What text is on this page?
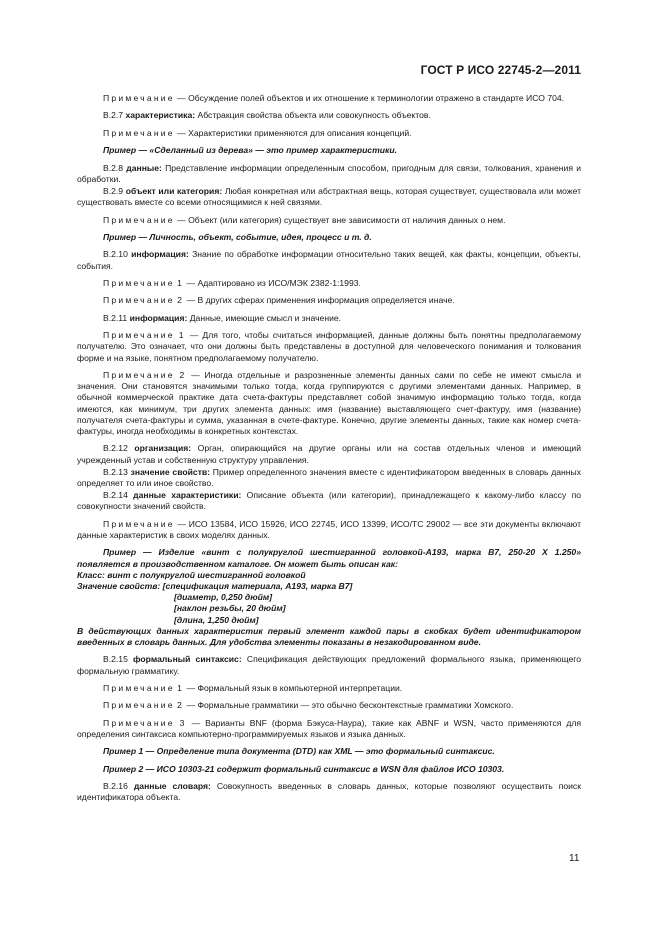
ГОСТ Р ИСО 22745-2—2011

Примечание — Обсуждение полей объектов и их отношение к терминологии отражено в стандарте ИСО 704.

В.2.7 характеристика: Абстракция свойства объекта или совокупность объектов.

Примечание — Характеристики применяются для описания концепций.

Пример — «Сделанный из дерева» — это пример характеристики.

В.2.8 данные: Представление информации определенным способом, пригодным для связи, толкования, хранения и обработки.

В.2.9 объект или категория: Любая конкретная или абстрактная вещь, которая существует, существовала или может существовать вместе со всеми относящимися к ней связями.

Примечание — Объект (или категория) существует вне зависимости от наличия данных о нем.

Пример — Личность, объект, событие, идея, процесс и т. д.

В.2.10 информация: Знание по обработке информации относительно таких вещей, как факты, концепции, объекты, события.

Примечание 1 — Адаптировано из ИСО/МЭК 2382-1:1993.

Примечание 2 — В других сферах применения информация определяется иначе.

В.2.11 информация: Данные, имеющие смысл и значение.

Примечание 1 — Для того, чтобы считаться информацией, данные должны быть понятны предполагаемому получателю. Это означает, что они должны быть представлены в доступной для человеческого понимания и толкования форме и на языке, понятном предполагаемому получателю.

Примечание 2 — Иногда отдельные и разрозненные элементы данных сами по себе не имеют смысла и значения. Они становятся значимыми только тогда, когда группируются с другими элементами данных. Например, в обычной коммерческой практике дата счета-фактуры представляет собой значимую информацию только тогда, когда имеются, как минимум, три других элемента данных: имя (название) выставляющего счет-фактуру, имя (название) получателя счета-фактуры и сумма, указанная в счете-фактуре. Конечно, другие элементы данных, такие как номер счета-фактуры, иногда необходимы в конкретных контекстах.

В.2.12 организация: Орган, опирающийся на другие органы или на состав отдельных членов и имеющий учрежденный устав и собственную структуру управления.

В.2.13 значение свойств: Пример определенного значения вместе с идентификатором введенных в словарь данных определяет то или иное свойство.

В.2.14 данные характеристики: Описание объекта (или категории), принадлежащего к какому-либо классу по совокупности значений свойств.

Примечание — ИСО 13584, ИСО 15926, ИСО 22745, ИСО 13399, ИСО/ТС 29002 — все эти документы включают данные характеристик в своих моделях данных.

Пример — Изделие «винт с полукруглой шестигранной головкой-А193, марка В7, 250-20 Х 1.250» появляется в производственном каталоге. Он может быть описан как:

Класс: винт с полукруглой шестигранной головкой

Значение свойств: [спецификация материала, А193, марка В7]

[диаметр, 0,250 дюйм]

[наклон резьбы, 20 дюйм]

[длина, 1,250 дюйм]

В действующих данных характеристик первый элемент каждой пары в скобках будет идентификатором введенных в словарь данных. Для удобства элементы показаны в незакодированном виде.

В.2.15 формальный синтаксис: Спецификация действующих предложений формального языка, применяющего формальную грамматику.

Примечание 1 — Формальный язык в компьютерной интерпретации.

Примечание 2 — Формальные грамматики — это обычно бесконтекстные грамматики Хомского.

Примечание 3 — Варианты BNF (форма Бэкуса-Наура), такие как ABNF и WSN, часто применяются для определения синтаксиса компьютерно-программируемых языков и языка данных.

Пример 1 — Определение типа документа (DTD) как XML — это формальный синтаксис.

Пример 2 — ИСО 10303-21 содержит формальный синтаксис в WSN для файлов ИСО 10303.

В.2.16 данные словаря: Совокупность введенных в словарь данных, которые позволяют осуществить поиск идентификатора объекта.

11
